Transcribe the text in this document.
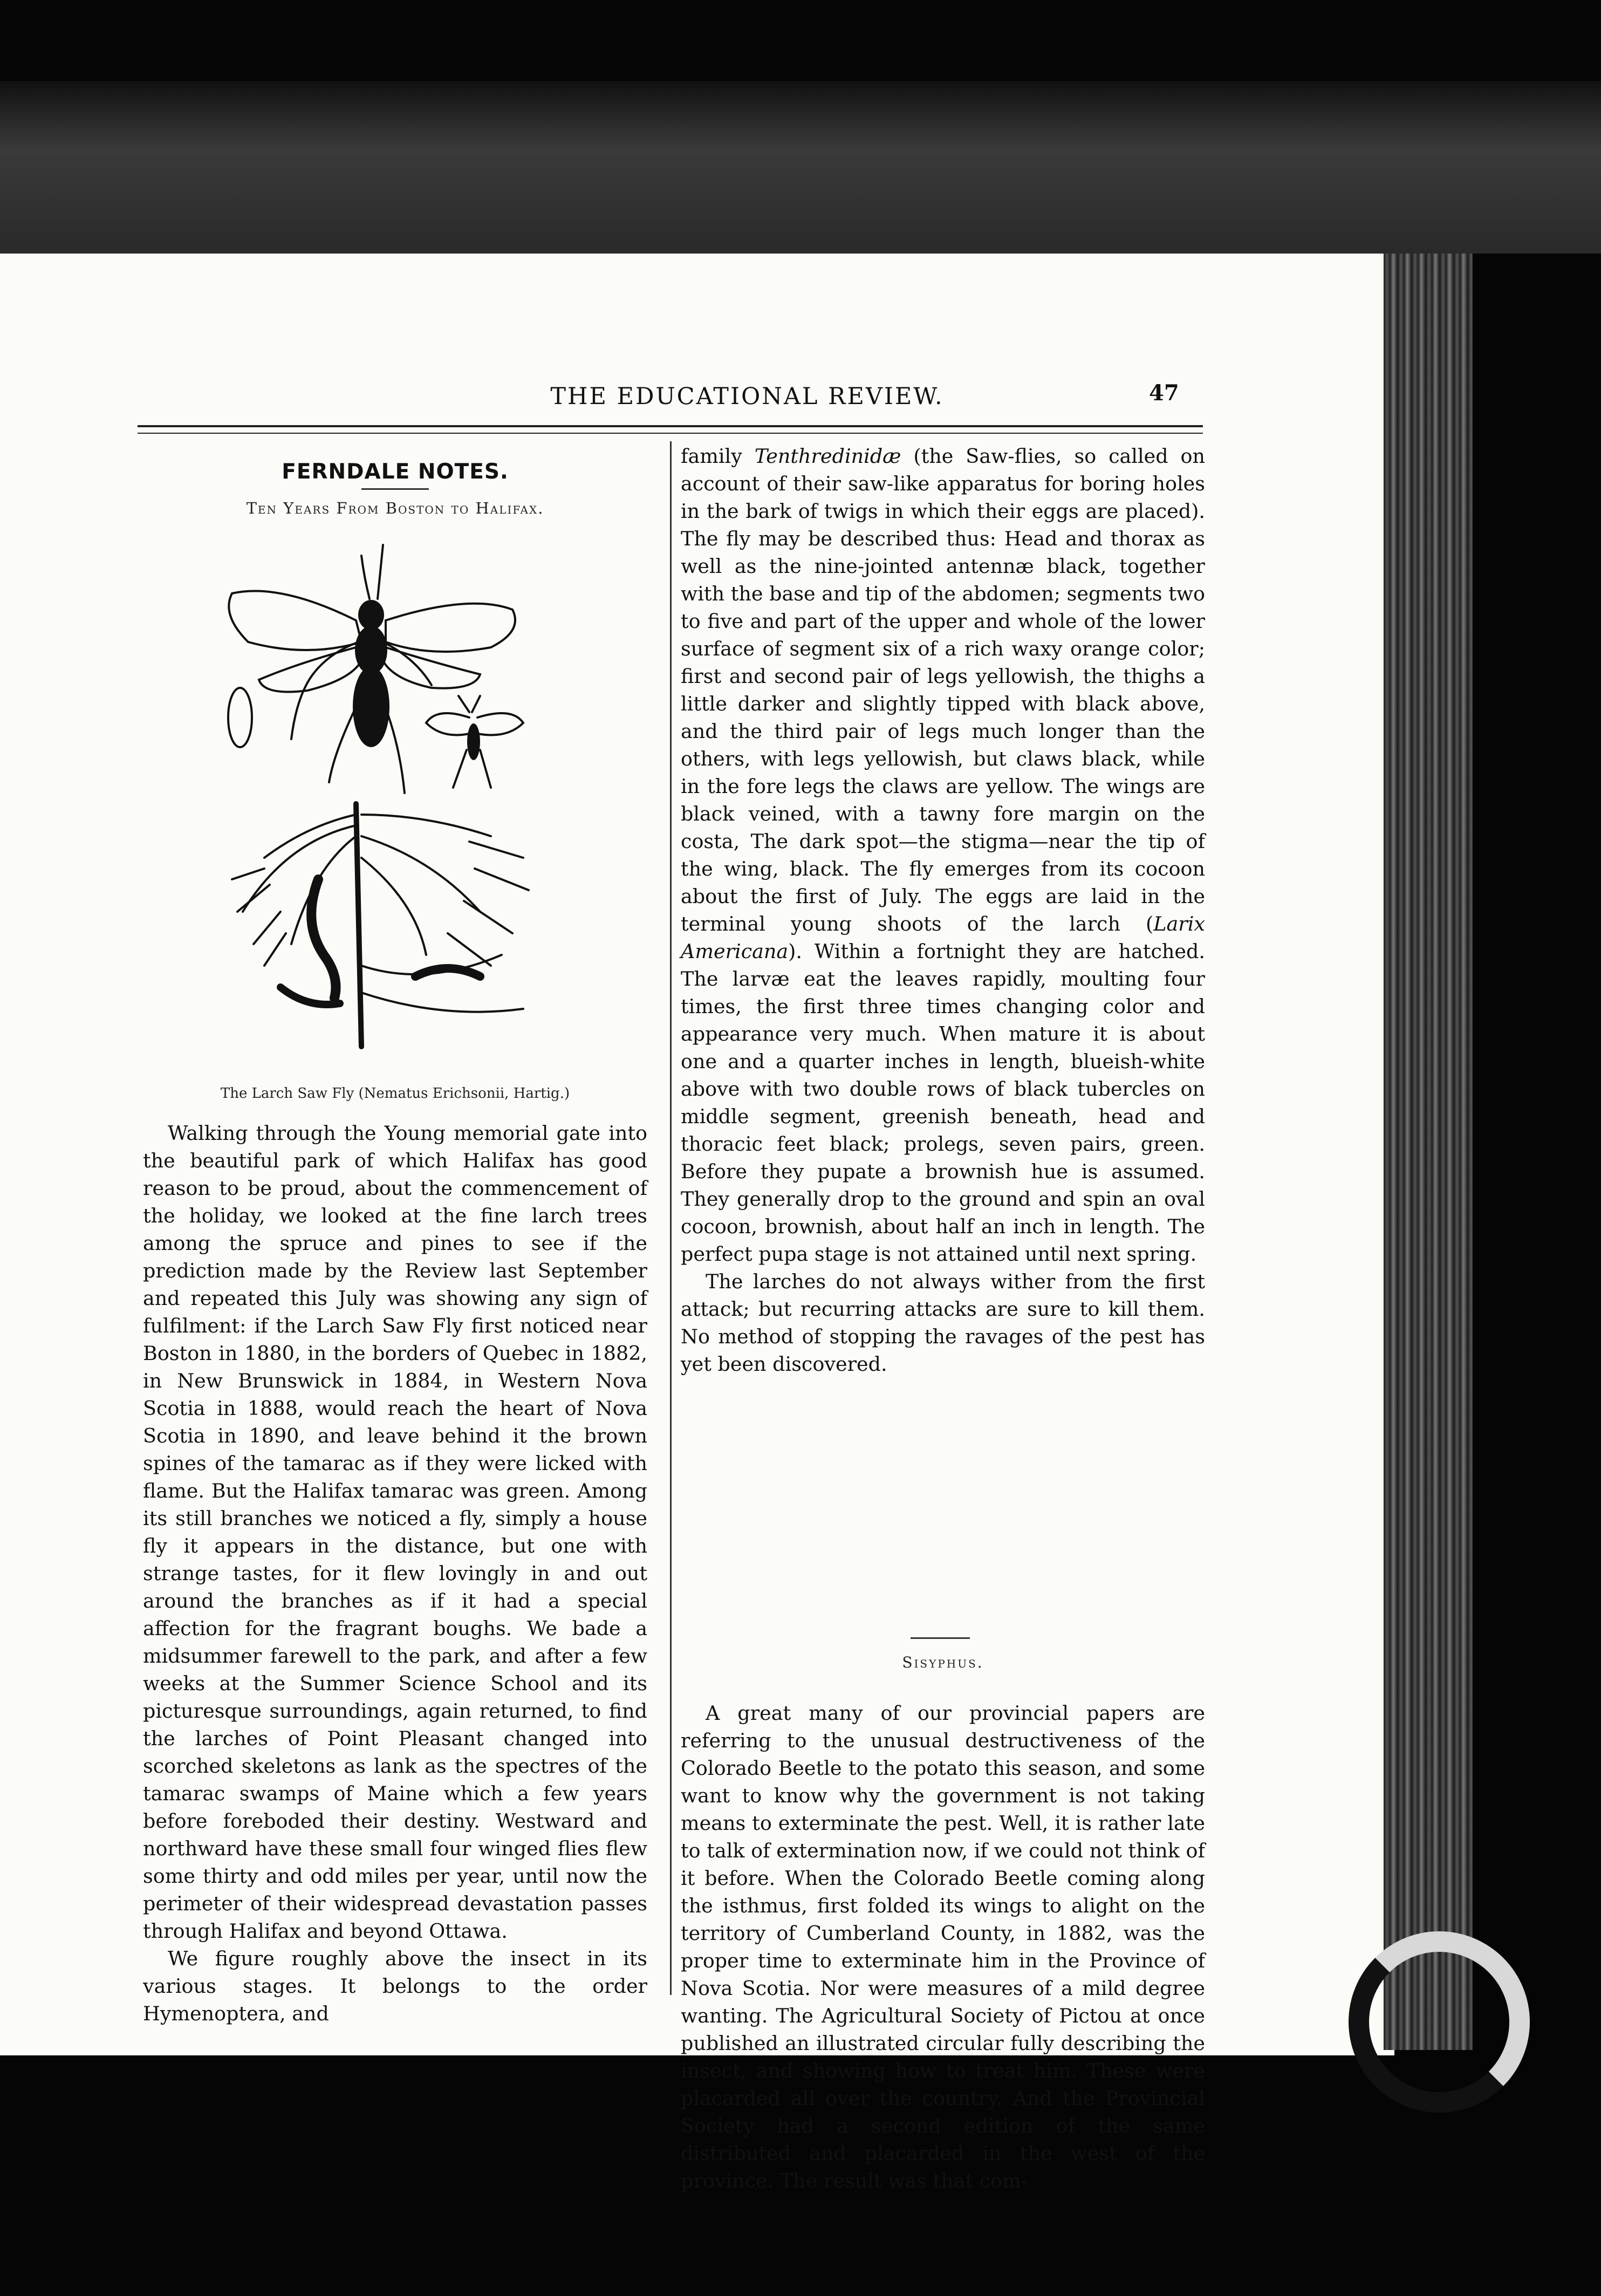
THE EDUCATIONAL REVIEW.	47
FERNDALE NOTES.
Ten Years From Boston to Halifax.
The Larch Saw Fly (Nematus Erichsonii, Hartig.)

Walking through the Young memorial gate into the beautiful park of which Halifax has good reason to be proud, about the commencement of the holiday, we looked at the fine larch trees among the spruce and pines to see if the prediction made by the Review last September and repeated this July was showing any sign of fulfilment: if the Larch Saw Fly first noticed near Boston in 1880, in the borders of Quebec in 1882, in New Brunswick in 1884, in Western Nova Scotia in 1888, would reach the heart of Nova Scotia in 1890, and leave behind it the brown spines of the tamarac as if they were licked with flame. But the Halifax tamarac was green. Among its still branches we noticed a fly, simply a house fly it appears in the distance, but one with strange tastes, for it flew lovingly in and out around the branches as if it had a special affection for the fragrant boughs. We bade a midsummer farewell to the park, and after a few weeks at the Summer Science School and its picturesque surroundings, again returned, to find the larches of Point Pleasant changed into scorched skeletons as lank as the spectres of the tamarac swamps of Maine which a few years before foreboded their destiny. Westward and northward have these small four winged flies flew some thirty and odd miles per year, until now the perimeter of their widespread devastation passes through Halifax and beyond Ottawa.

We figure roughly above the insect in its various stages. It belongs to the order Hymenoptera, and

family Tenthredinidæ (the Saw-flies, so called on account of their saw-like apparatus for boring holes in the bark of twigs in which their eggs are placed). The fly may be described thus: Head and thorax as well as the nine-jointed antennæ black, together with the base and tip of the abdomen; segments two to five and part of the upper and whole of the lower surface of segment six of a rich waxy orange color; first and second pair of legs yellowish, the thighs a little darker and slightly tipped with black above, and the third pair of legs much longer than the others, with legs yellowish, but claws black, while in the fore legs the claws are yellow. The wings are black veined, with a tawny fore margin on the costa, The dark spot—the stigma—near the tip of the wing, black. The fly emerges from its cocoon about the first of July. The eggs are laid in the terminal young shoots of the larch (Larix Americana). Within a fortnight they are hatched. The larvæ eat the leaves rapidly, moulting four times, the first three times changing color and appearance very much. When mature it is about one and a quarter inches in length, blueish-white above with two double rows of black tubercles on middle segment, greenish beneath, head and thoracic feet black; prolegs, seven pairs, green. Before they pupate a brownish hue is assumed. They generally drop to the ground and spin an oval cocoon, brownish, about half an inch in length. The perfect pupa stage is not attained until next spring.

The larches do not always wither from the first attack; but recurring attacks are sure to kill them. No method of stopping the ravages of the pest has yet been discovered.

Sisyphus.

A great many of our provincial papers are referring to the unusual destructiveness of the Colorado Beetle to the potato this season, and some want to know why the government is not taking means to exterminate the pest. Well, it is rather late to talk of extermination now, if we could not think of it before. When the Colorado Beetle coming along the isthmus, first folded its wings to alight on the territory of Cumberland County, in 1882, was the proper time to exterminate him in the Province of Nova Scotia. Nor were measures of a mild degree wanting. The Agricultural Society of Pictou at once published an illustrated circular fully describing the insect, and showing how to treat him. These were placarded all over the country. And the Provincial Society had a second edition of the same distributed and placarded in the west of the province. The result was that com-
